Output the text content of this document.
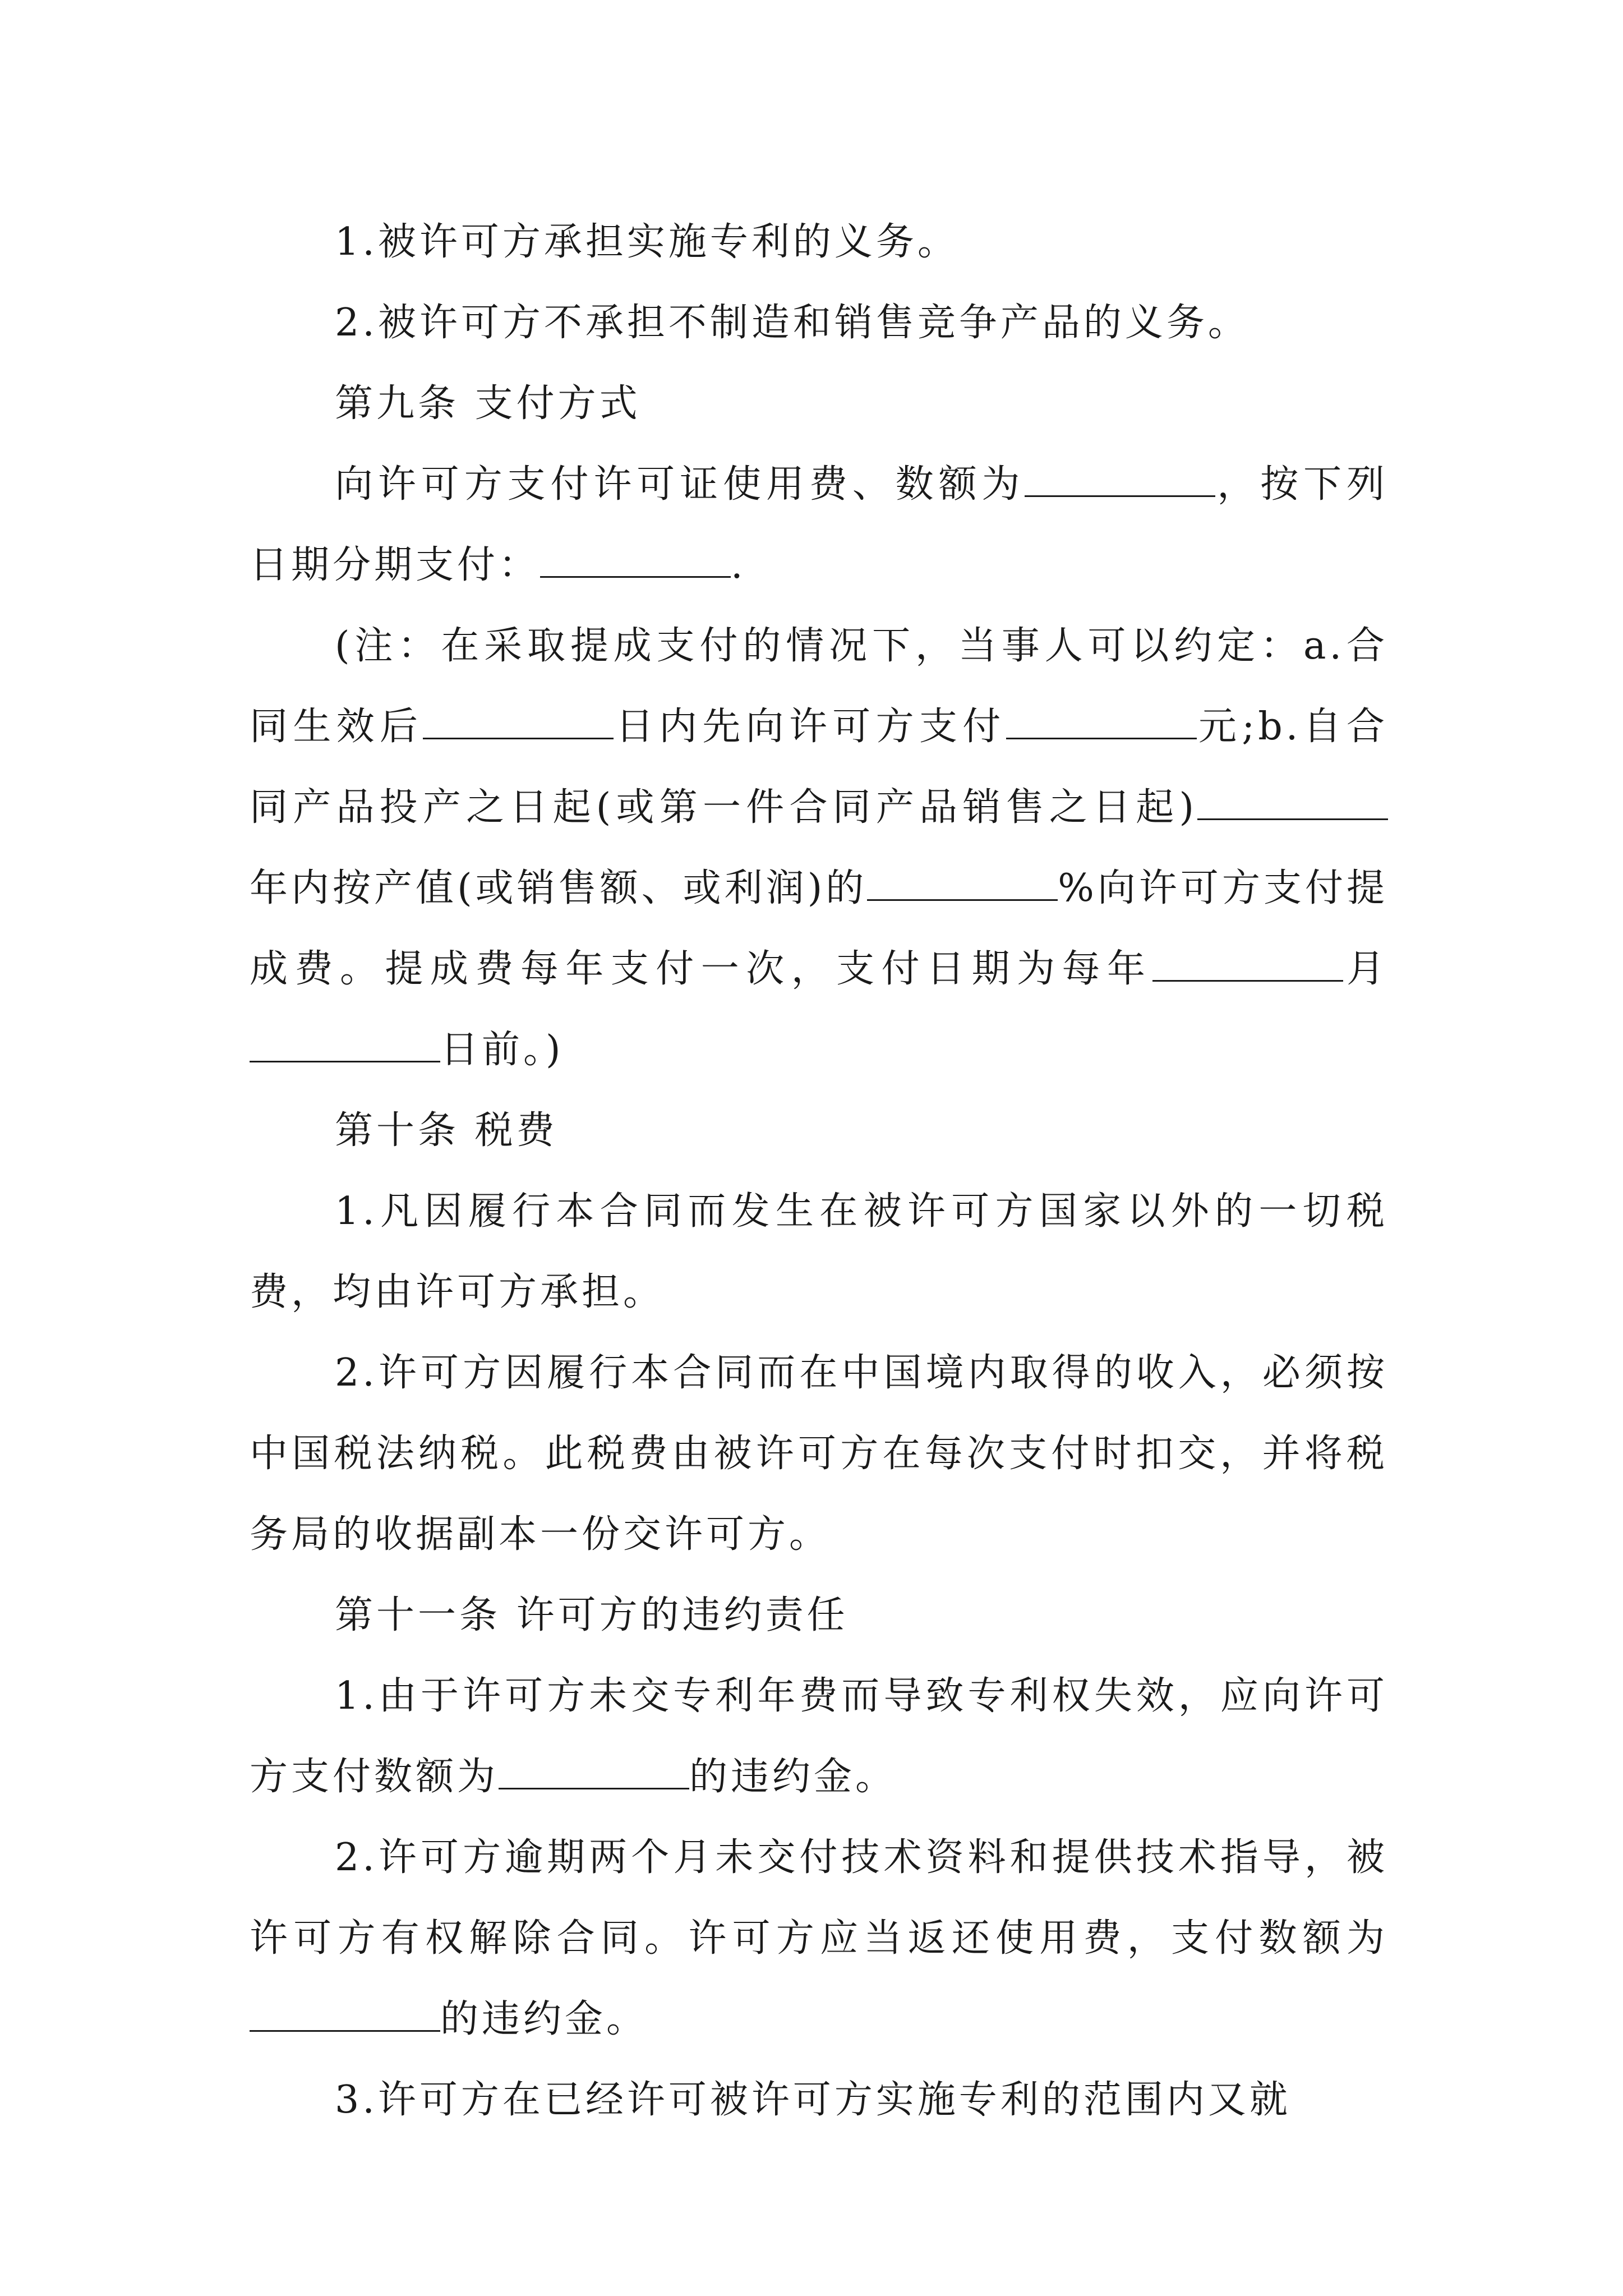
1.被许可方承担实施专利的义务。

2.被许可方不承担不制造和销售竞争产品的义务。

第九条 支付方式

向许可方支付许可证使用费、数额为	，按下列日期分期支付：	.

(注：在采取提成支付的情况下，当事人可以约定：a.合同生效后	日内先向许可方支付	元;b.自合同产品投产之日起(或第一件合同产品销售之日起)年内按产值(或销售额、或利润)的	%向许可方支付提成费。提成费每年支付一次，支付日期为每年	月日前。)

第十条 税费

1.凡因履行本合同而发生在被许可方国家以外的一切税费，均由许可方承担。

2.许可方因履行本合同而在中国境内取得的收入，必须按中国税法纳税。此税费由被许可方在每次支付时扣交，并将税务局的收据副本一份交许可方。

第十一条 许可方的违约责任

1.由于许可方未交专利年费而导致专利权失效，应向许可方支付数额为	的违约金。

2.许可方逾期两个月未交付技术资料和提供技术指导，被许可方有权解除合同。许可方应当返还使用费，支付数额为的违约金。

3.许可方在已经许可被许可方实施专利的范围内又就
